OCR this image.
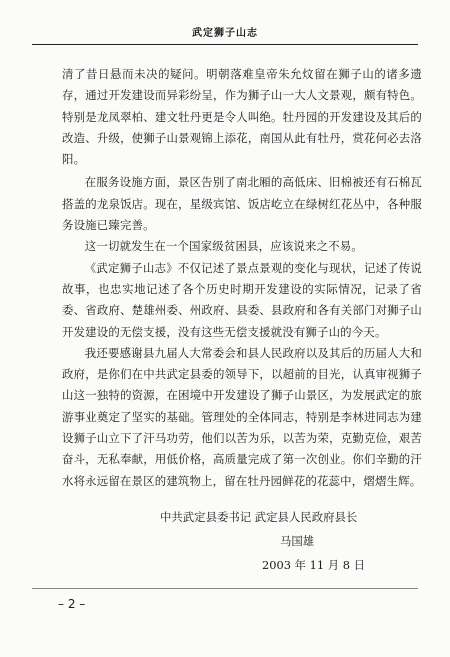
武定狮子山志

清了昔日悬而未决的疑问。明朝落难皇帝朱允炆留在狮子山的诸多遗存，通过开发建设而异彩纷呈，作为狮子山一大人文景观，颇有特色。特别是龙凤翠柏、建文牡丹更是令人叫绝。牡丹园的开发建设及其后的改造、升级，使狮子山景观锦上添花，南国从此有牡丹，赏花何必去洛阳。

在服务设施方面，景区告别了南北厢的高低床、旧棉被还有石棉瓦搭盖的龙泉饭店。现在，星级宾馆、饭店屹立在绿树红花丛中，各种服务设施已臻完善。

这一切就发生在一个国家级贫困县，应该说来之不易。

《武定狮子山志》不仅记述了景点景观的变化与现状，记述了传说故事，也忠实地记述了各个历史时期开发建设的实际情况，记录了省委、省政府、楚雄州委、州政府、县委、县政府和各有关部门对狮子山开发建设的无偿支援，没有这些无偿支援就没有狮子山的今天。

我还要感谢县九届人大常委会和县人民政府以及其后的历届人大和政府，是你们在中共武定县委的领导下，以超前的目光，认真审视狮子山这一独特的资源，在困境中开发建设了狮子山景区，为发展武定的旅游事业奠定了坚实的基础。管理处的全体同志，特别是李林进同志为建设狮子山立下了汗马功劳，他们以苦为乐，以苦为荣，克勤克俭，艰苦奋斗，无私奉献，用低价格，高质量完成了第一次创业。你们辛勤的汗水将永远留在景区的建筑物上，留在牡丹园鲜花的花蕊中，熠熠生辉。

中共武定县委书记 武定县人民政府县长
马国雄
2003 年 11 月 8 日
– 2 –
